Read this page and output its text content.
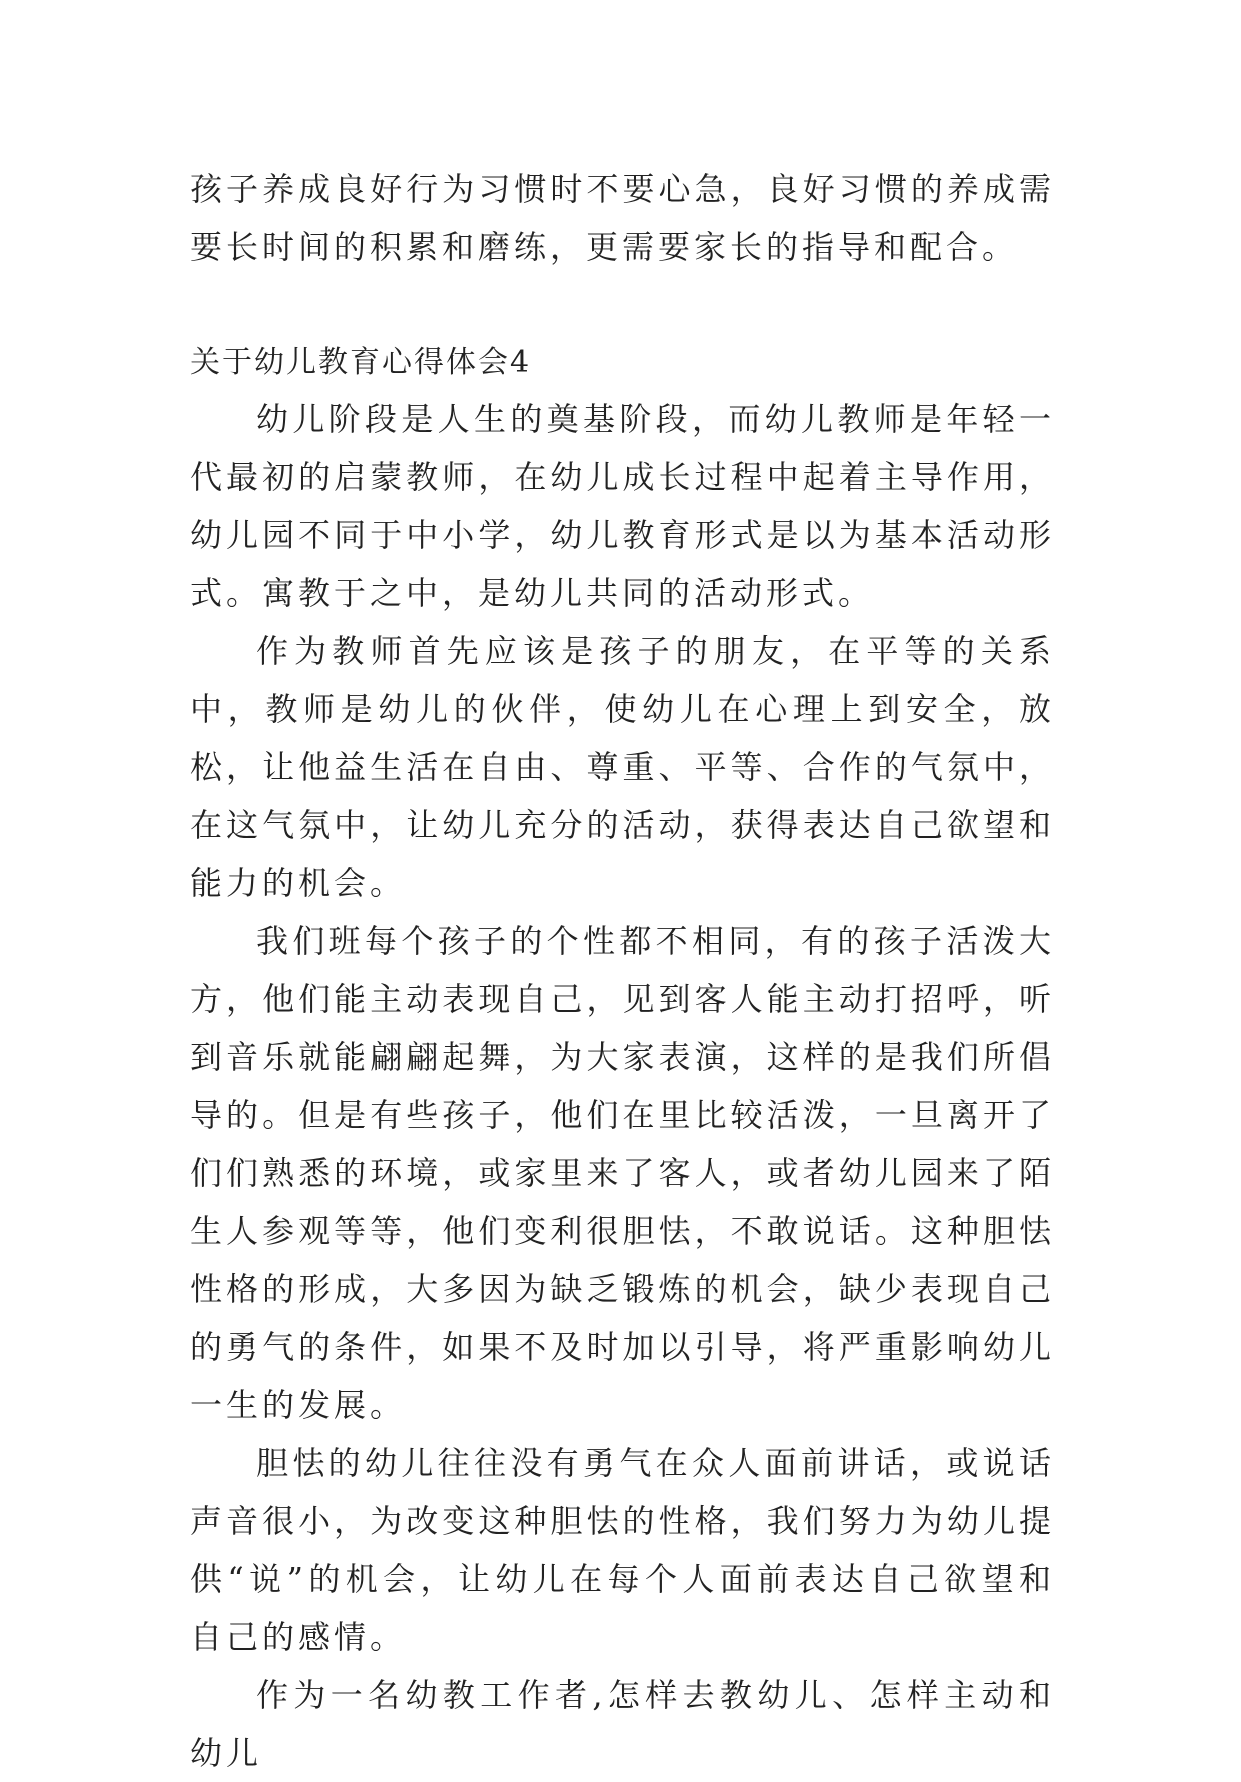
孩子养成良好行为习惯时不要心急，良好习惯的养成需要长时间的积累和磨练，更需要家长的指导和配合。

关于幼儿教育心得体会4

幼儿阶段是人生的奠基阶段，而幼儿教师是年轻一代最初的启蒙教师，在幼儿成长过程中起着主导作用，幼儿园不同于中小学，幼儿教育形式是以为基本活动形式。寓教于之中，是幼儿共同的活动形式。

作为教师首先应该是孩子的朋友，在平等的关系中，教师是幼儿的伙伴，使幼儿在心理上到安全，放松，让他益生活在自由、尊重、平等、合作的气氛中，在这气氛中，让幼儿充分的活动，获得表达自己欲望和能力的机会。

我们班每个孩子的个性都不相同，有的孩子活泼大方，他们能主动表现自己，见到客人能主动打招呼，听到音乐就能翩翩起舞，为大家表演，这样的是我们所倡导的。但是有些孩子，他们在里比较活泼，一旦离开了们们熟悉的环境，或家里来了客人，或者幼儿园来了陌生人参观等等，他们变利很胆怯，不敢说话。这种胆怯性格的形成，大多因为缺乏锻炼的机会，缺少表现自己的勇气的条件，如果不及时加以引导，将严重影响幼儿一生的发展。

胆怯的幼儿往往没有勇气在众人面前讲话，或说话声音很小，为改变这种胆怯的性格，我们努力为幼儿提供“说”的机会，让幼儿在每个人面前表达自己欲望和自己的感情。

作为一名幼教工作者,怎样去教幼儿、怎样主动和幼儿
